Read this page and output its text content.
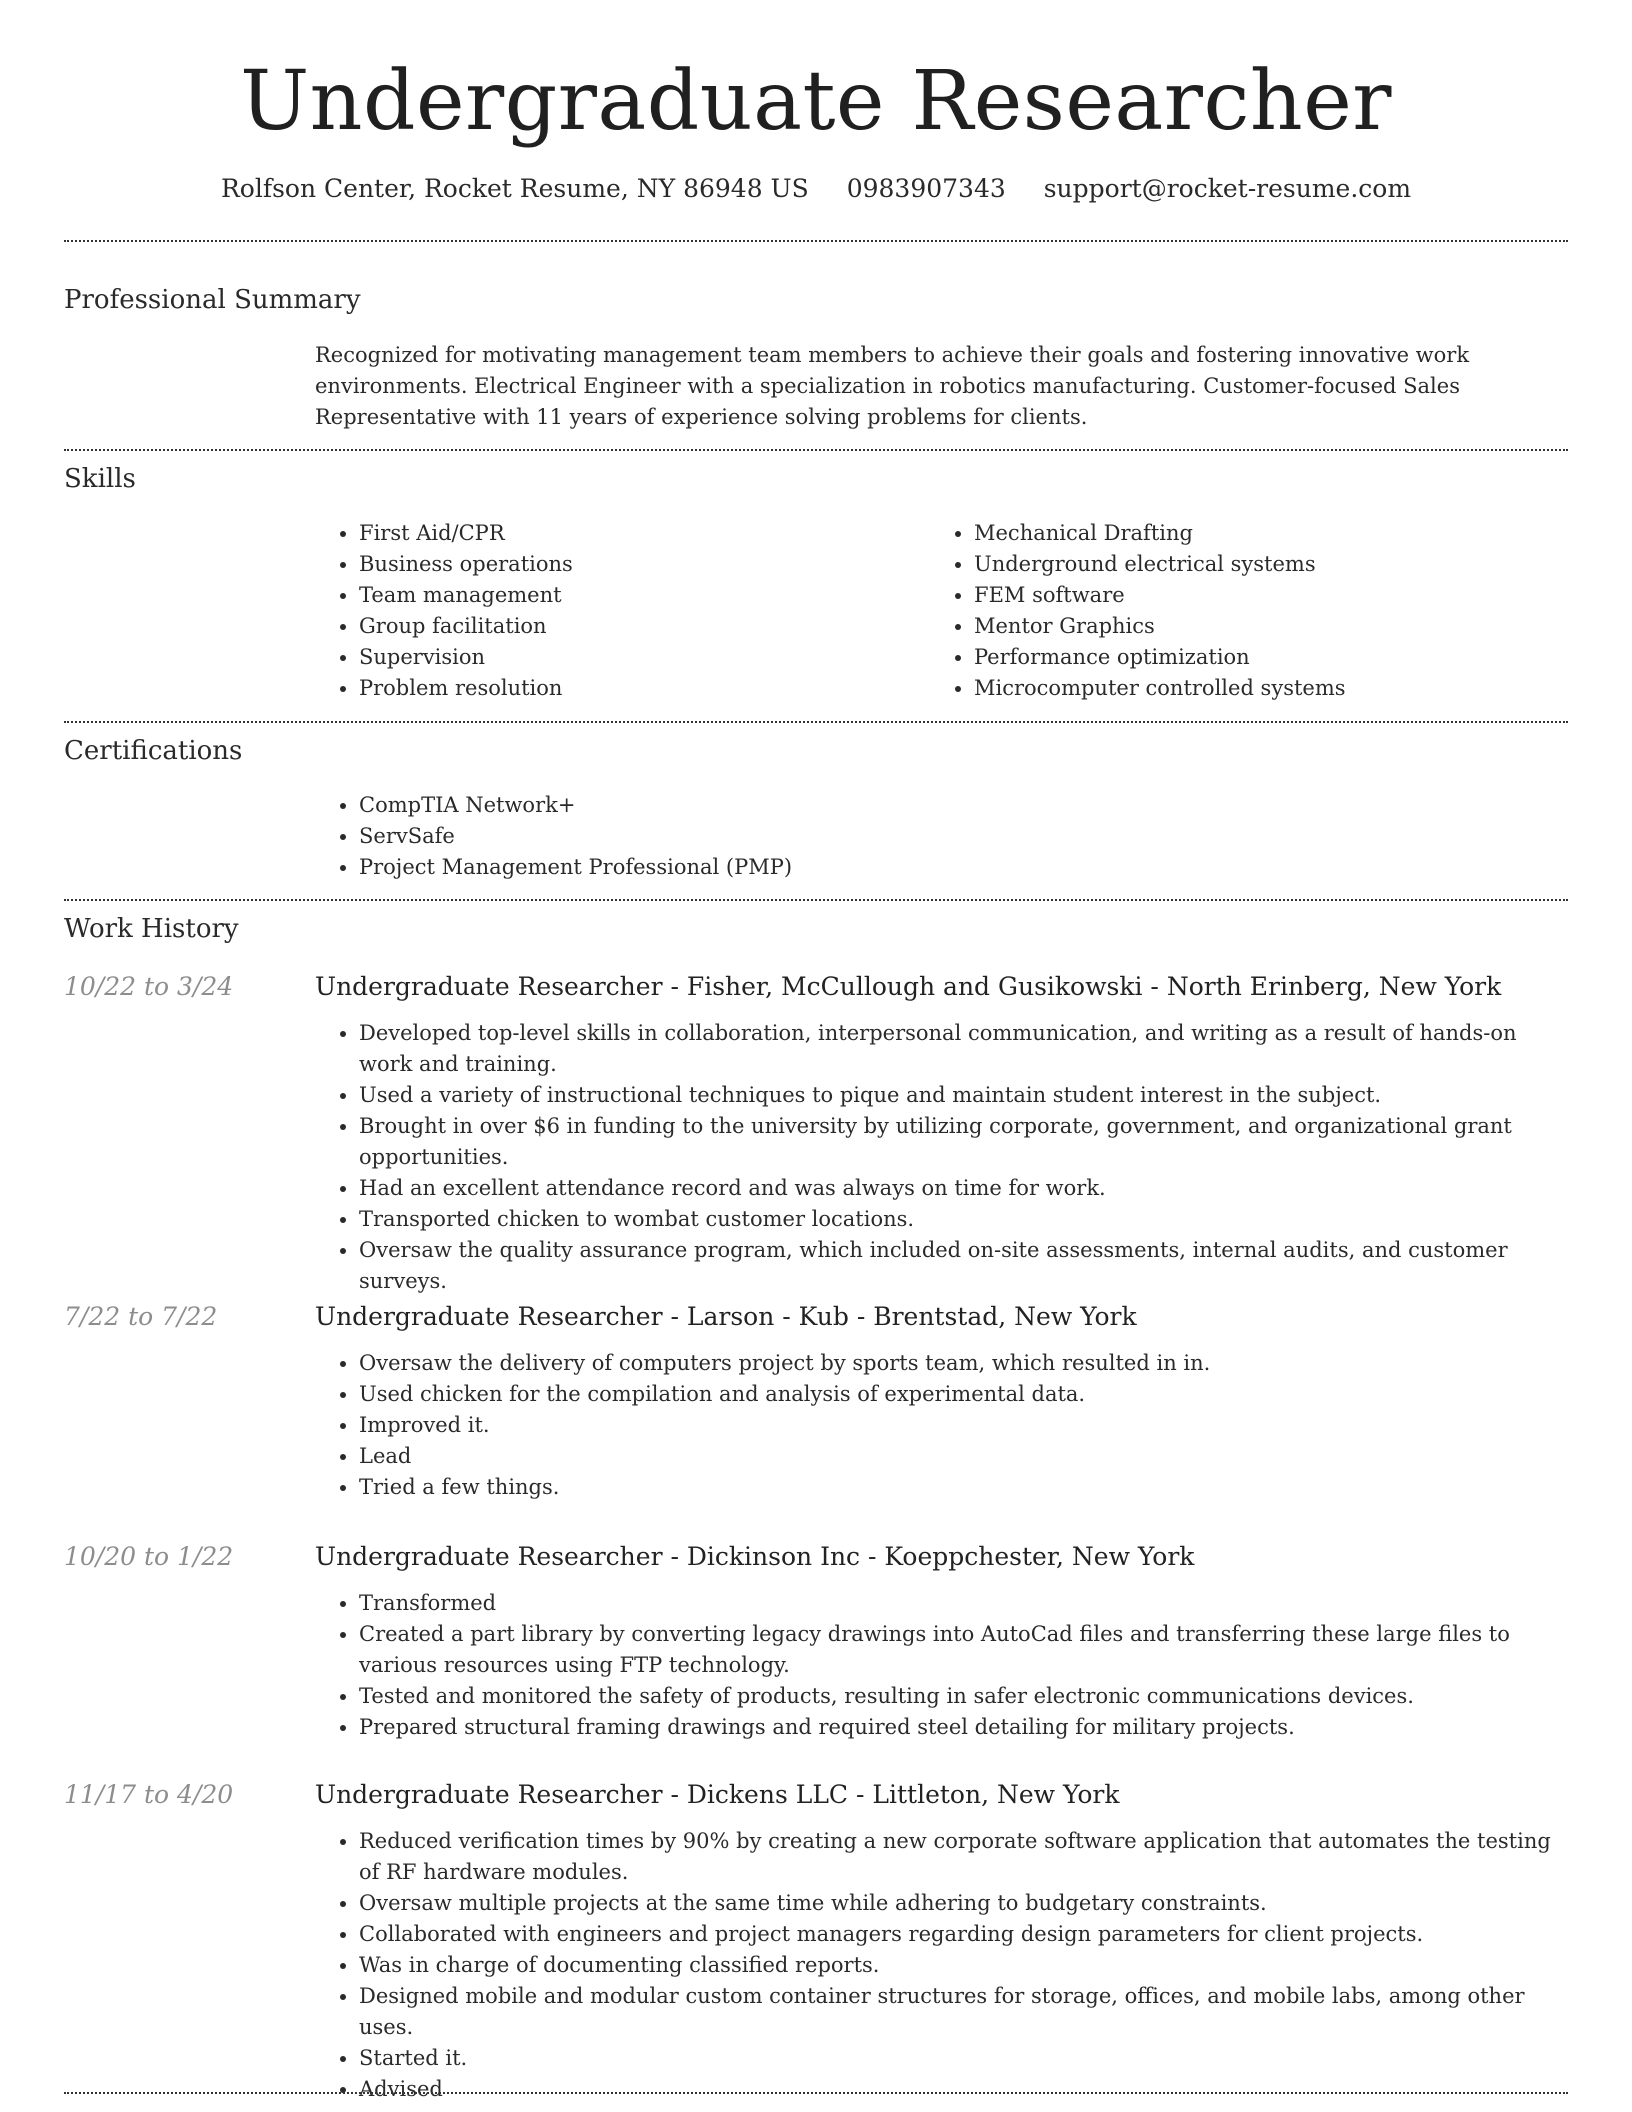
Undergraduate Researcher
Rolfson Center, Rocket Resume, NY 86948 US 0983907343 support@rocket-resume.com
Professional Summary

Recognized for motivating management team members to achieve their goals and fostering innovative work environments. Electrical Engineer with a specialization in robotics manufacturing. Customer-focused Sales Representative with 11 years of experience solving problems for clients.

Skills
• First Aid/CPR
• Business operations
• Team management
• Group facilitation
• Supervision
• Problem resolution
• Mechanical Drafting
• Underground electrical systems
• FEM software
• Mentor Graphics
• Performance optimization
• Microcomputer controlled systems
Certifications
• CompTIA Network+
• ServSafe
• Project Management Professional (PMP)
Work History
10/22 to 3/24	Undergraduate Researcher - Fisher, McCullough and Gusikowski - North Erinberg, New York
• Developed top-level skills in collaboration, interpersonal communication, and writing as a result of hands-on work and training.
• Used a variety of instructional techniques to pique and maintain student interest in the subject.
• Brought in over $6 in funding to the university by utilizing corporate, government, and organizational grant opportunities.
• Had an excellent attendance record and was always on time for work.
• Transported chicken to wombat customer locations.
• Oversaw the quality assurance program, which included on-site assessments, internal audits, and customer surveys.
7/22 to 7/22	Undergraduate Researcher - Larson - Kub - Brentstad, New York
• Oversaw the delivery of computers project by sports team, which resulted in in.
• Used chicken for the compilation and analysis of experimental data.
• Improved it.
• Lead
• Tried a few things.
10/20 to 1/22	Undergraduate Researcher - Dickinson Inc - Koeppchester, New York
• Transformed
• Created a part library by converting legacy drawings into AutoCad files and transferring these large files to various resources using FTP technology.
• Tested and monitored the safety of products, resulting in safer electronic communications devices.
• Prepared structural framing drawings and required steel detailing for military projects.
11/17 to 4/20	Undergraduate Researcher - Dickens LLC - Littleton, New York
• Reduced verification times by 90% by creating a new corporate software application that automates the testing of RF hardware modules.
• Oversaw multiple projects at the same time while adhering to budgetary constraints.
• Collaborated with engineers and project managers regarding design parameters for client projects.
• Was in charge of documenting classified reports.
• Designed mobile and modular custom container structures for storage, offices, and mobile labs, among other uses.
• Started it.
• Advised
